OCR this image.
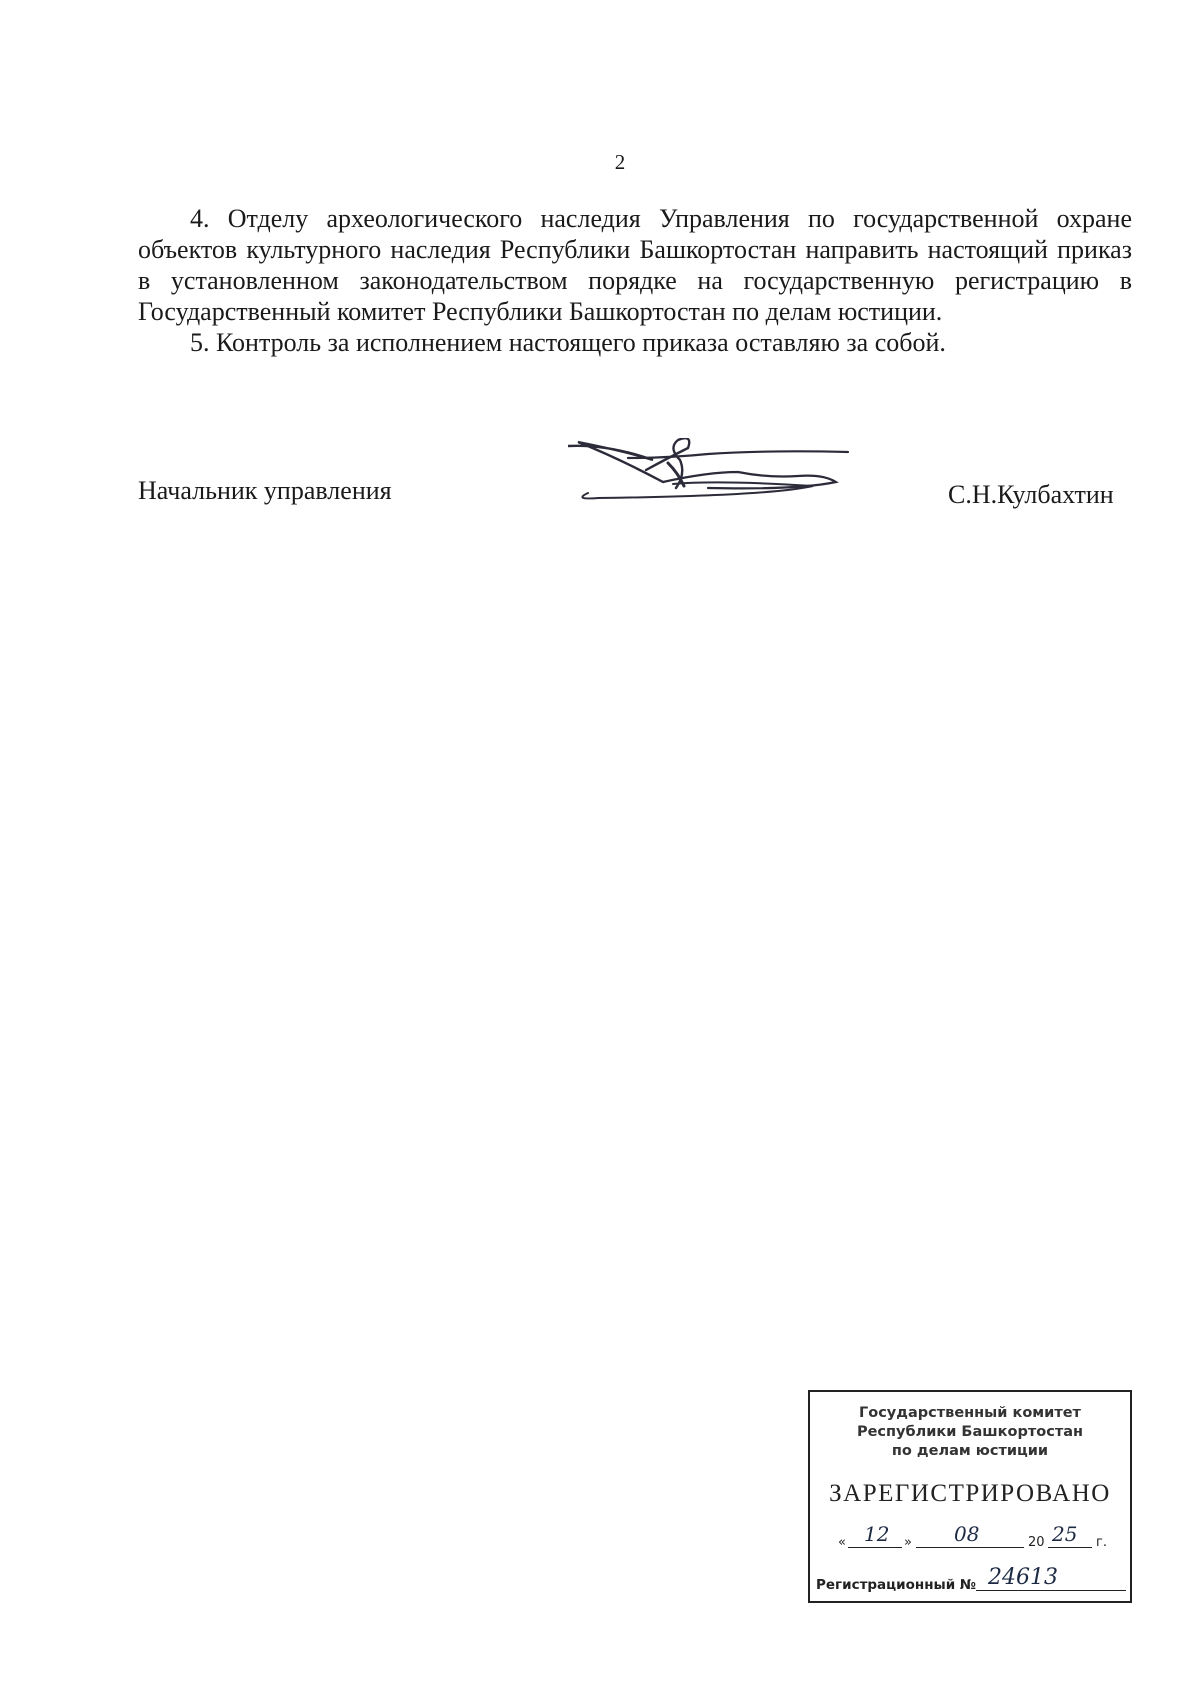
2

4. Отделу археологического наследия Управления по государственной охране объектов культурного наследия Республики Башкортостан направить настоящий приказ в установленном законодательством порядке на государственную регистрацию в Государственный комитет Республики Башкортостан по делам юстиции.

5. Контроль за исполнением настоящего приказа оставляю за собой.

Начальник управления	С.Н.Кулбахтин
Государственный комитет
Республики Башкортостан
по делам юстиции
ЗАРЕГИСТРИРОВАНО
« 12 » 08	20 25 г.
Регистрационный № 24613
